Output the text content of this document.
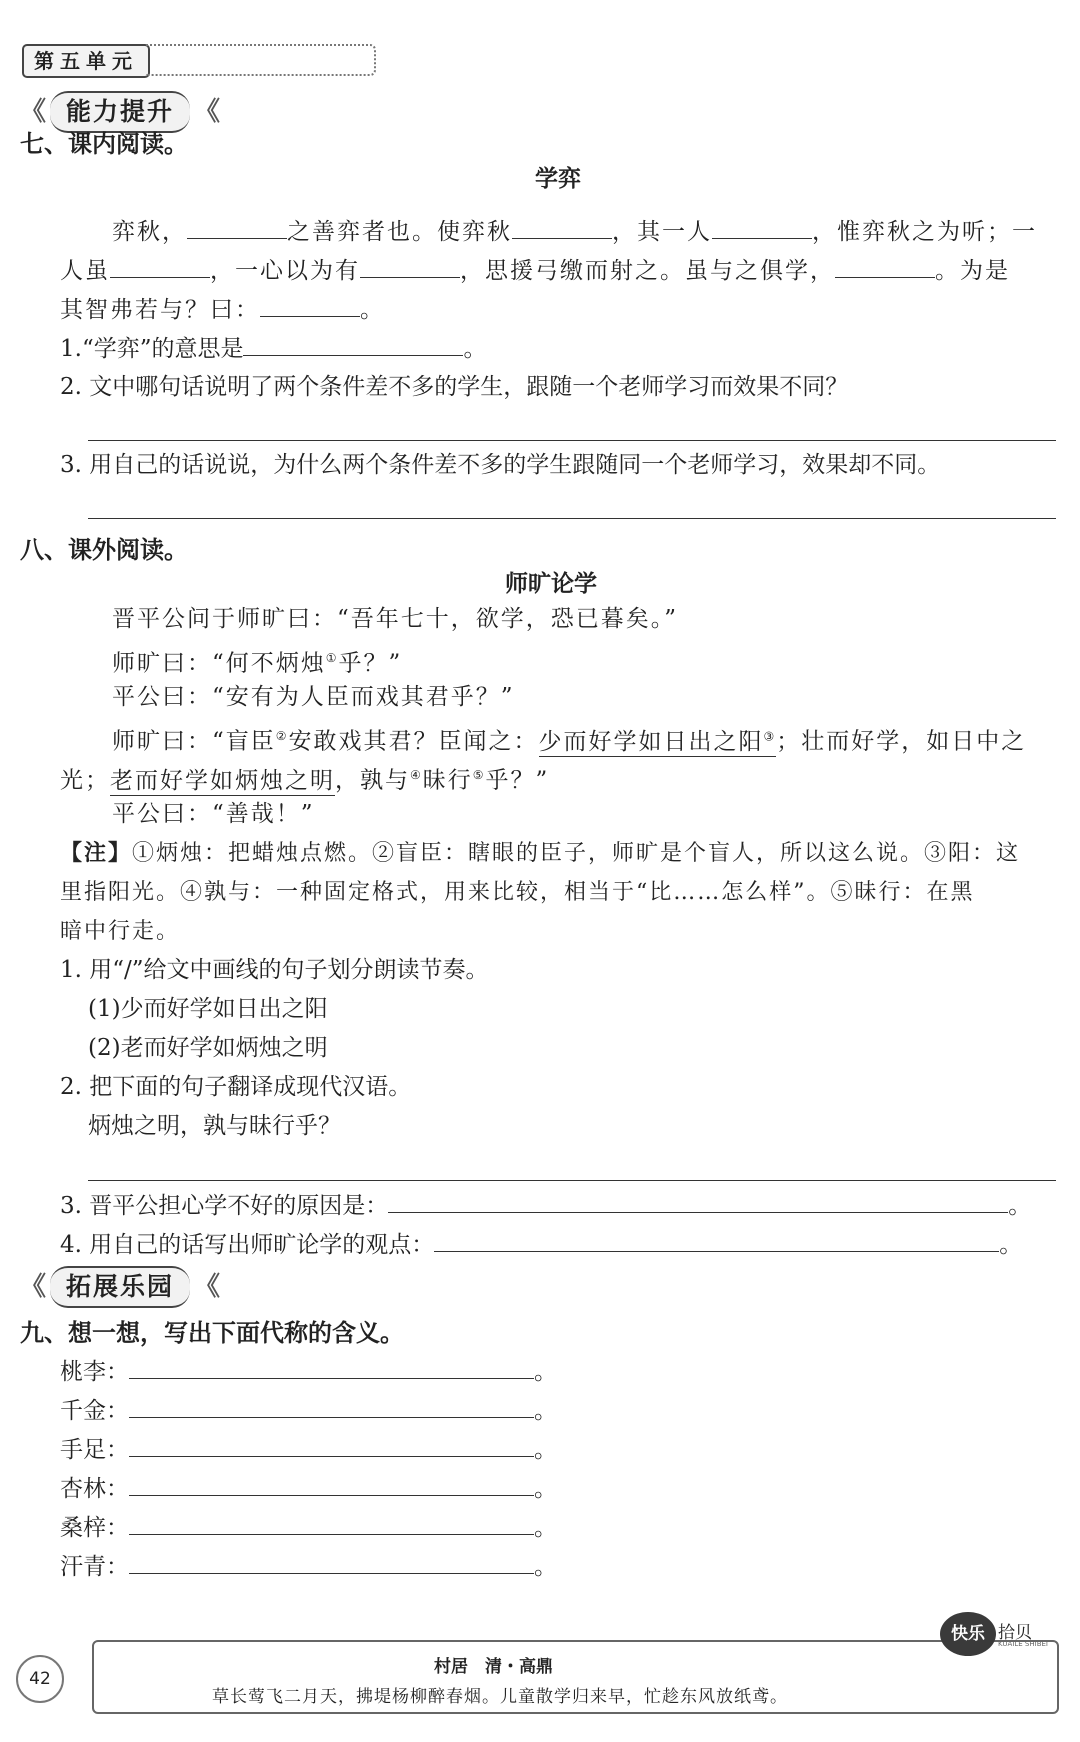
第五单元
《 能力提升 《
七、课内阅读。
学弈
弈秋，	之善弈者也。使弈秋	，其一人	，惟弈秋之为听；一
人虽	，一心以为有	，思援弓缴而射之。虽与之俱学，	。为是
其智弗若与？曰：	。
1.“学弈”的意思是	。
2. 文中哪句话说明了两个条件差不多的学生，跟随一个老师学习而效果不同？
3. 用自己的话说说，为什么两个条件差不多的学生跟随同一个老师学习，效果却不同。
八、课外阅读。
师旷论学
晋平公问于师旷曰：“吾年七十，欲学，恐已暮矣。”
师旷曰：“何不炳烛①乎？”
平公曰：“安有为人臣而戏其君乎？”
师旷曰：“盲臣②安敢戏其君？臣闻之：少而好学如日出之阳③；壮而好学，如日中之
光；老而好学如炳烛之明，孰与④昧行⑤乎？”
平公曰：“善哉！”
【注】①炳烛：把蜡烛点燃。②盲臣：瞎眼的臣子，师旷是个盲人，所以这么说。③阳：这
里指阳光。④孰与：一种固定格式，用来比较，相当于“比……怎么样”。⑤昧行：在黑
暗中行走。
1. 用“/”给文中画线的句子划分朗读节奏。
(1)少而好学如日出之阳
(2)老而好学如炳烛之明
2. 把下面的句子翻译成现代汉语。
炳烛之明，孰与昧行乎？
3. 晋平公担心学不好的原因是：	。
4. 用自己的话写出师旷论学的观点：	。
《 拓展乐园 《
九、想一想，写出下面代称的含义。
桃李：	。
千金：	。
手足：	。
杏林：	。
桑梓：	。
汗青：	。
42
村居　清・高鼎
草长莺飞二月天，拂堤杨柳醉春烟。儿童散学归来早，忙趁东风放纸鸢。
快乐 拾贝
KUAILE SHIBEI
